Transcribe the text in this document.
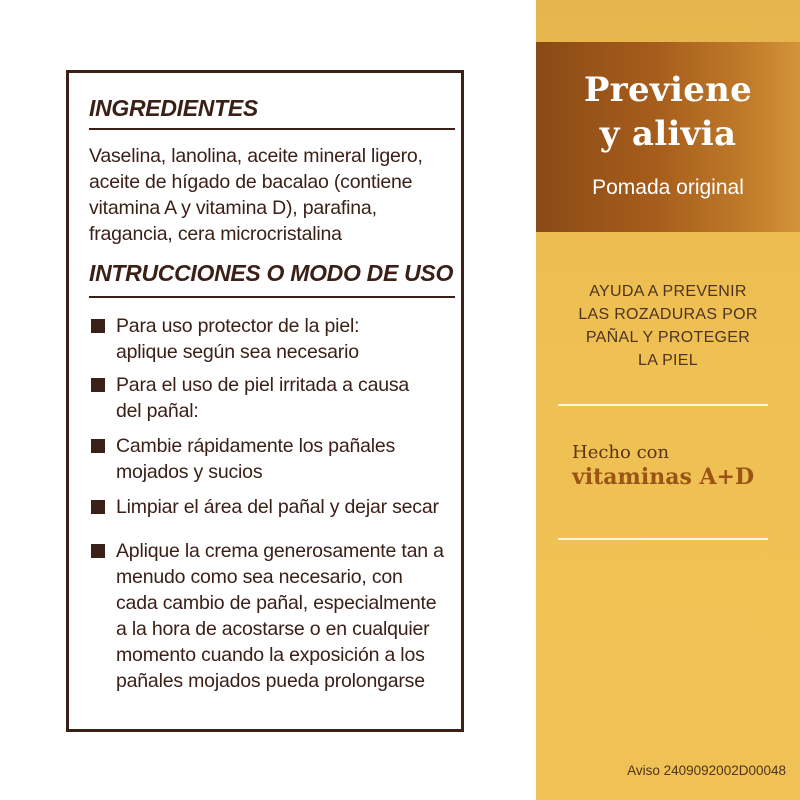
INGREDIENTES

Vaselina, lanolina, aceite mineral ligero,
aceite de hígado de bacalao (contiene
vitamina A y vitamina D), parafina,
fragancia, cera microcristalina

INTRUCCIONES O MODO DE USO
Para uso protector de la piel:
aplique según sea necesario
Para el uso de piel irritada a causa
del pañal:
Cambie rápidamente los pañales
mojados y sucios
Limpiar el área del pañal y dejar secar
Aplique la crema generosamente tan a
menudo como sea necesario, con
cada cambio de pañal, especialmente
a la hora de acostarse o en cualquier
momento cuando la exposición a los
pañales mojados pueda prolongarse
Previene
y alivia
Pomada original
AYUDA A PREVENIR
LAS ROZADURAS POR
PAÑAL Y PROTEGER
LA PIEL
Hecho con
vitaminas A+D
Aviso 2409092002D00048
